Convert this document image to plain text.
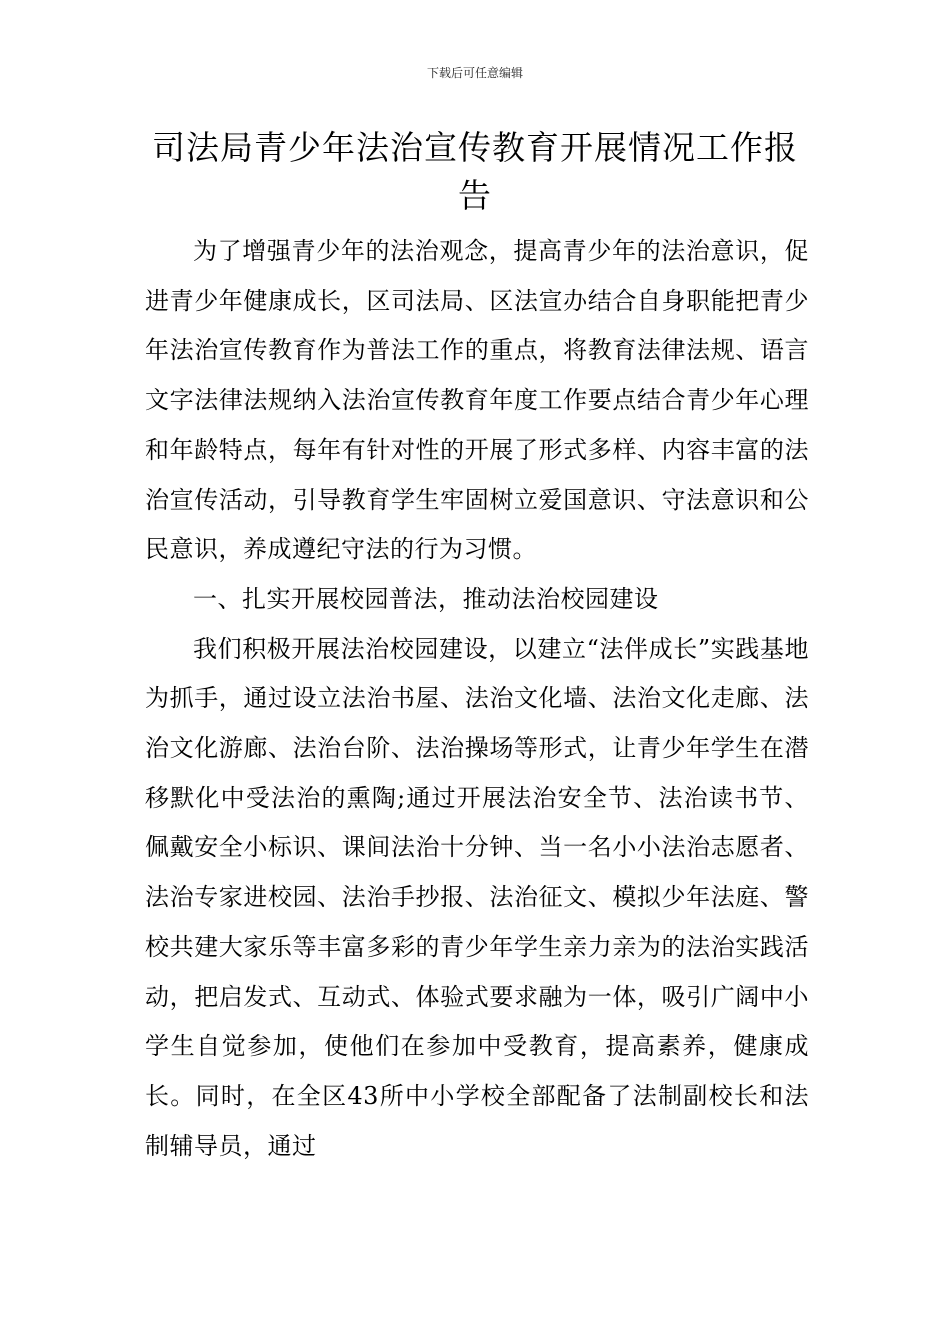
下载后可任意编辑
司法局青少年法治宣传教育开展情况工作报告

为了增强青少年的法治观念，提高青少年的法治意识，促进青少年健康成长，区司法局、区法宣办结合自身职能把青少年法治宣传教育作为普法工作的重点，将教育法律法规、语言文字法律法规纳入法治宣传教育年度工作要点结合青少年心理和年龄特点，每年有针对性的开展了形式多样、内容丰富的法治宣传活动，引导教育学生牢固树立爱国意识、守法意识和公民意识，养成遵纪守法的行为习惯。

一、扎实开展校园普法，推动法治校园建设

我们积极开展法治校园建设，以建立“法伴成长”实践基地为抓手，通过设立法治书屋、法治文化墙、法治文化走廊、法治文化游廊、法治台阶、法治操场等形式，让青少年学生在潜移默化中受法治的熏陶;通过开展法治安全节、法治读书节、佩戴安全小标识、课间法治十分钟、当一名小小法治志愿者、法治专家进校园、法治手抄报、法治征文、模拟少年法庭、警校共建大家乐等丰富多彩的青少年学生亲力亲为的法治实践活动，把启发式、互动式、体验式要求融为一体，吸引广阔中小学生自觉参加，使他们在参加中受教育，提高素养，健康成长。同时，在全区43所中小学校全部配备了法制副校长和法制辅导员，通过
